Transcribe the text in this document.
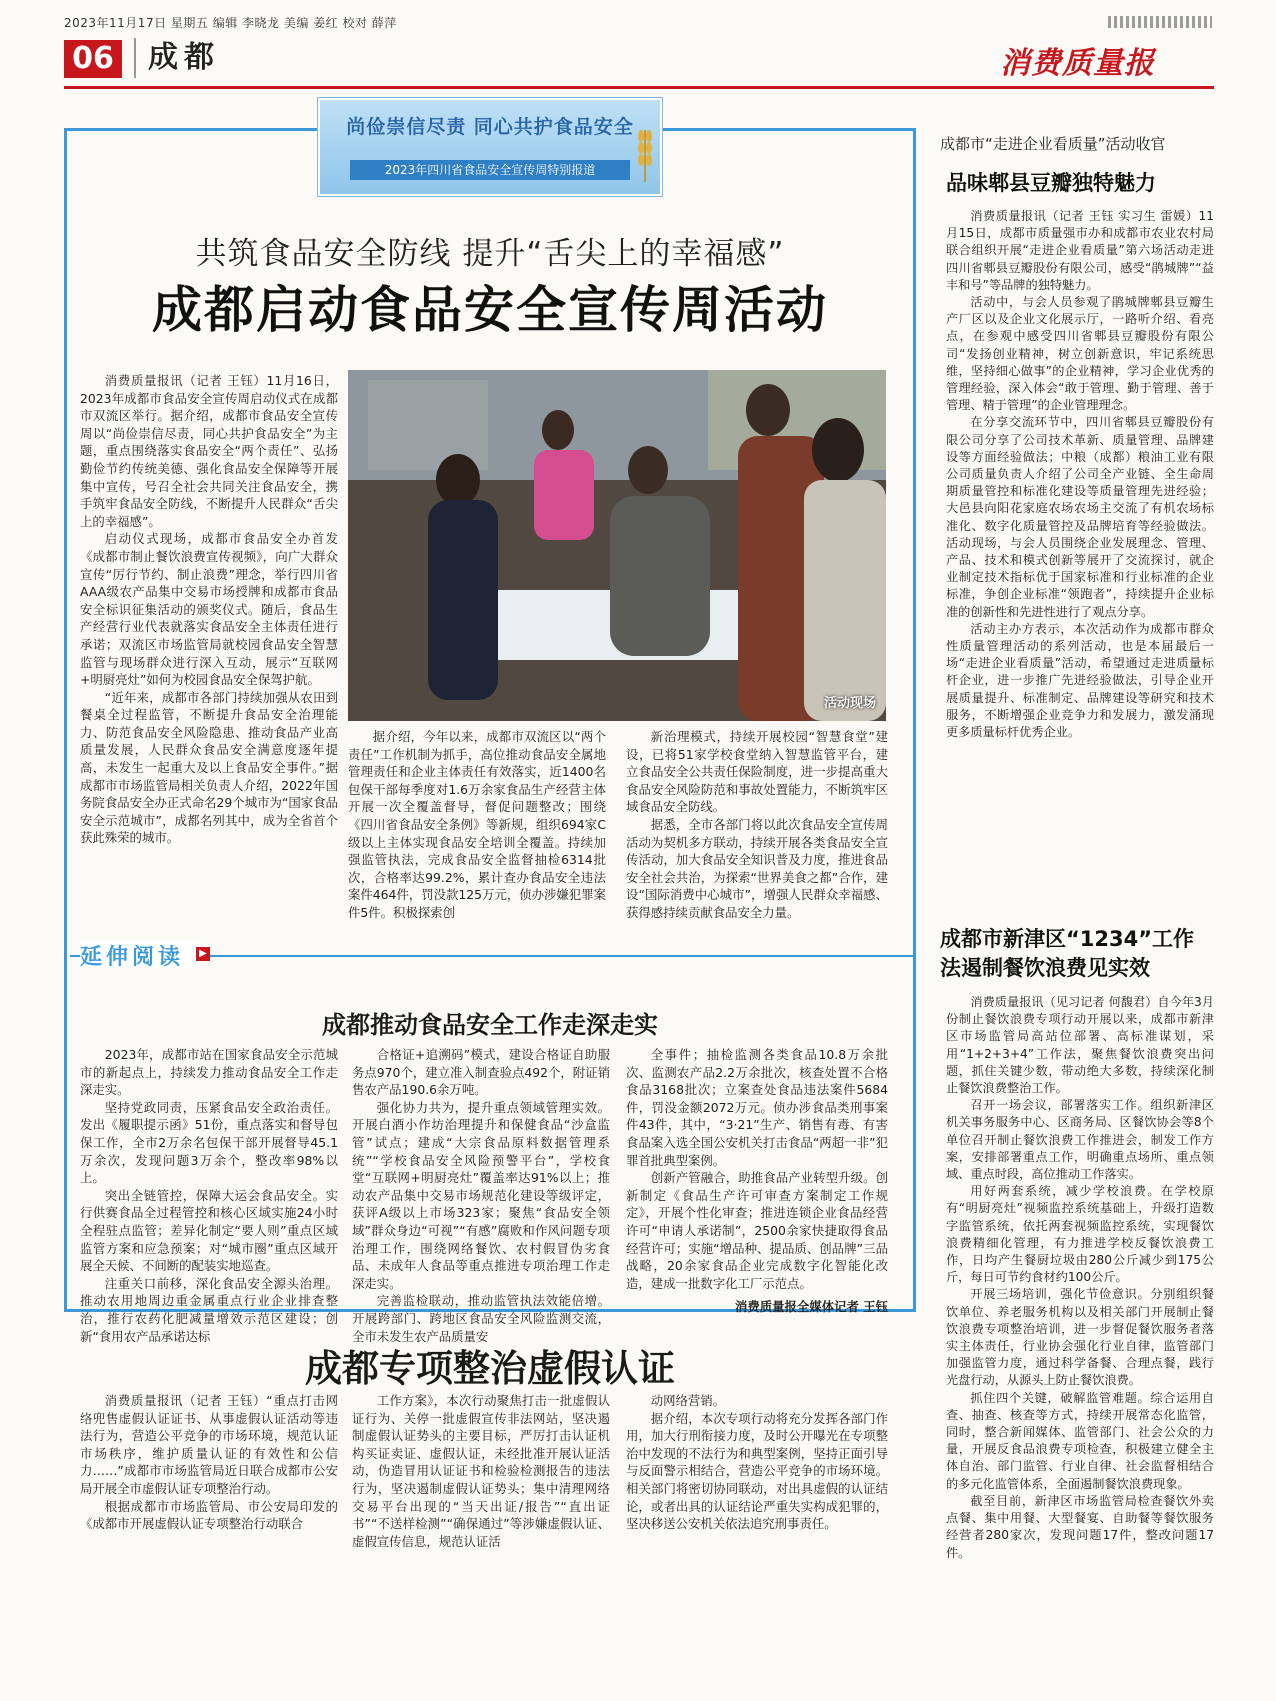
2023年11月17日 星期五 编辑 李晓龙 美编 姜红 校对 薛萍
06	成都	消费质量报
尚俭崇信尽责 同心共护食品安全
2023年四川省食品安全宣传周特别报道
共筑食品安全防线 提升“舌尖上的幸福感”
成都启动食品安全宣传周活动

消费质量报讯（记者 王钰）11月16日，2023年成都市食品安全宣传周启动仪式在成都市双流区举行。据介绍，成都市食品安全宣传周以“尚俭崇信尽责，同心共护食品安全”为主题，重点围绕落实食品安全“两个责任”、弘扬勤俭节约传统美德、强化食品安全保障等开展集中宣传，号召全社会共同关注食品安全，携手筑牢食品安全防线，不断提升人民群众“舌尖上的幸福感”。

启动仪式现场，成都市食品安全办首发《成都市制止餐饮浪费宣传视频》，向广大群众宣传“厉行节约、制止浪费”理念，举行四川省AAA级农产品集中交易市场授牌和成都市食品安全标识征集活动的颁奖仪式。随后，食品生产经营行业代表就落实食品安全主体责任进行承诺；双流区市场监管局就校园食品安全智慧监管与现场群众进行深入互动，展示“互联网+明厨亮灶”如何为校园食品安全保驾护航。

“近年来，成都市各部门持续加强从农田到餐桌全过程监管，不断提升食品安全治理能力、防范食品安全风险隐患、推动食品产业高质量发展，人民群众食品安全满意度逐年提高，未发生一起重大及以上食品安全事件。”据成都市市场监管局相关负责人介绍，2022年国务院食品安全办正式命名29个城市为“国家食品安全示范城市”，成都名列其中，成为全省首个获此殊荣的城市。

活动现场

据介绍，今年以来，成都市双流区以“两个责任”工作机制为抓手，高位推动食品安全属地管理责任和企业主体责任有效落实，近1400名包保干部每季度对1.6万余家食品生产经营主体开展一次全覆盖督导，督促问题整改；围绕《四川省食品安全条例》等新规，组织694家C级以上主体实现食品安全培训全覆盖。持续加强监管执法，完成食品安全监督抽检6314批次，合格率达99.2%，累计查办食品安全违法案件464件，罚没款125万元，侦办涉嫌犯罪案件5件。积极探索创

新治理模式，持续开展校园“智慧食堂”建设，已将51家学校食堂纳入智慧监管平台，建立食品安全公共责任保险制度，进一步提高重大食品安全风险防范和事故处置能力，不断筑牢区域食品安全防线。

据悉，全市各部门将以此次食品安全宣传周活动为契机多方联动，持续开展各类食品安全宣传活动，加大食品安全知识普及力度，推进食品安全社会共治，为探索“世界美食之都”合作，建设“国际消费中心城市”，增强人民群众幸福感、获得感持续贡献食品安全力量。

延伸阅读	▶
成都推动食品安全工作走深走实

2023年，成都市站在国家食品安全示范城市的新起点上，持续发力推动食品安全工作走深走实。

坚持党政同责，压紧食品安全政治责任。发出《履职提示函》51份，重点落实和督导包保工作，全市2万余名包保干部开展督导45.1万余次，发现问题3万余个，整改率98%以上。

突出全链管控，保障大运会食品安全。实行供赛食品全过程管控和核心区域实施24小时全程驻点监管；差异化制定“要人则”重点区域监管方案和应急预案；对“城市圈”重点区域开展全天候、不间断的配装实地巡查。

注重关口前移，深化食品安全源头治理。推动农用地周边重金属重点行业企业排查整治，推行农药化肥减量增效示范区建设；创新“食用农产品承诺达标

合格证+追溯码”模式，建设合格证自助服务点970个，建立准入制查验点492个，附证销售农产品190.6余万吨。

强化协力共为，提升重点领域管理实效。开展白酒小作坊治理提升和保健食品“沙盒监管”试点；建成“大宗食品原料数据管理系统”“学校食品安全风险预警平台”，学校食堂“互联网+明厨亮灶”覆盖率达91%以上；推动农产品集中交易市场规范化建设等级评定，获评A级以上市场323家；聚焦“食品安全领域”群众身边“可视”“有感”腐败和作风问题专项治理工作，围绕网络餐饮、农村假冒伪劣食品、未成年人食品等重点推进专项治理工作走深走实。

完善监检联动，推动监管执法效能倍增。开展跨部门、跨地区食品安全风险监测交流，全市未发生农产品质量安

全事件；抽检监测各类食品10.8万余批次、监测农产品2.2万余批次，核查处置不合格食品3168批次；立案查处食品违法案件5684件，罚没金额2072万元。侦办涉食品类刑事案件43件，其中，“3·21”生产、销售有毒、有害食品案入选全国公安机关打击食品“两超一非”犯罪首批典型案例。

创新产管融合，助推食品产业转型升级。创新制定《食品生产许可审查方案制定工作规定》，开展个性化审查；推进连锁企业食品经营许可“申请人承诺制”，2500余家快捷取得食品经营许可；实施“增品种、提品质、创品牌”三品战略，20余家食品企业完成数字化智能化改造，建成一批数字化工厂示范点。

消费质量报全媒体记者 王钰

成都专项整治虚假认证

消费质量报讯（记者 王钰）“重点打击网络兜售虚假认证证书、从事虚假认证活动等违法行为，营造公平竞争的市场环境，规范认证市场秩序，维护质量认证的有效性和公信力……”成都市市场监管局近日联合成都市公安局开展全市虚假认证专项整治行动。

根据成都市市场监管局、市公安局印发的《成都市开展虚假认证专项整治行动联合

工作方案》，本次行动聚焦打击一批虚假认证行为、关停一批虚假宣传非法网站，坚决遏制虚假认证势头的主要目标，严厉打击认证机构买证卖证、虚假认证，未经批准开展认证活动，伪造冒用认证证书和检验检测报告的违法行为，坚决遏制虚假认证势头；集中清理网络交易平台出现的“当天出证/报告”“直出证书”“不送样检测”“确保通过”等涉嫌虚假认证、虚假宣传信息，规范认证活

动网络营销。

据介绍，本次专项行动将充分发挥各部门作用，加大行刑衔接力度，及时公开曝光在专项整治中发现的不法行为和典型案例，坚持正面引导与反面警示相结合，营造公平竞争的市场环境。相关部门将密切协同联动，对出具虚假的认证结论，或者出具的认证结论严重失实构成犯罪的，坚决移送公安机关依法追究刑事责任。

成都市“走进企业看质量”活动收官
品味郫县豆瓣独特魅力

消费质量报讯（记者 王钰 实习生 雷媛）11月15日，成都市质量强市办和成都市农业农村局联合组织开展“走进企业看质量”第六场活动走进四川省郫县豆瓣股份有限公司，感受“鹃城牌”“益丰和号”等品牌的独特魅力。

活动中，与会人员参观了鹃城牌郫县豆瓣生产厂区以及企业文化展示厅，一路听介绍、看亮点，在参观中感受四川省郫县豆瓣股份有限公司“发扬创业精神，树立创新意识，牢记系统思维，坚持细心做事”的企业精神，学习企业优秀的管理经验，深入体会“敢于管理、勤于管理、善于管理、精于管理”的企业管理理念。

在分享交流环节中，四川省郫县豆瓣股份有限公司分享了公司技术革新、质量管理、品牌建设等方面经验做法；中粮（成都）粮油工业有限公司质量负责人介绍了公司全产业链、全生命周期质量管控和标准化建设等质量管理先进经验；大邑县向阳花家庭农场农场主交流了有机农场标准化、数字化质量管控及品牌培育等经验做法。活动现场，与会人员围绕企业发展理念、管理、产品、技术和模式创新等展开了交流探讨，就企业制定技术指标优于国家标准和行业标准的企业标准，争创企业标准“领跑者”，持续提升企业标准的创新性和先进性进行了观点分享。

活动主办方表示，本次活动作为成都市群众性质量管理活动的系列活动，也是本届最后一场“走进企业看质量”活动，希望通过走进质量标杆企业，进一步推广先进经验做法，引导企业开展质量提升、标准制定、品牌建设等研究和技术服务，不断增强企业竞争力和发展力，激发涌现更多质量标杆优秀企业。

成都市新津区“1234”工作法遏制餐饮浪费见实效

消费质量报讯（见习记者 何馥君）自今年3月份制止餐饮浪费专项行动开展以来，成都市新津区市场监管局高站位部署、高标准谋划，采用“1+2+3+4”工作法，聚焦餐饮浪费突出问题，抓住关键少数，带动绝大多数，持续深化制止餐饮浪费整治工作。

召开一场会议，部署落实工作。组织新津区机关事务服务中心、区商务局、区餐饮协会等8个单位召开制止餐饮浪费工作推进会，制发工作方案，安排部署重点工作，明确重点场所、重点领域、重点时段，高位推动工作落实。

用好两套系统，减少学校浪费。在学校原有“明厨亮灶”视频监控系统基础上，升级打造数字监管系统，依托两套视频监控系统，实现餐饮浪费精细化管理，有力推进学校反餐饮浪费工作，日均产生餐厨垃圾由280公斤减少到175公斤，每日可节约食材约100公斤。

开展三场培训，强化节俭意识。分别组织餐饮单位、养老服务机构以及相关部门开展制止餐饮浪费专项整治培训，进一步督促餐饮服务者落实主体责任，行业协会强化行业自律，监管部门加强监管力度，通过科学备餐、合理点餐，践行光盘行动，从源头上防止餐饮浪费。

抓住四个关键，破解监管难题。综合运用自查、抽查、核查等方式，持续开展常态化监管，同时，整合新闻媒体、监管部门、社会公众的力量，开展反食品浪费专项检查，积极建立健全主体自治、部门监管、行业自律、社会监督相结合的多元化监管体系，全面遏制餐饮浪费现象。

截至目前，新津区市场监管局检查餐饮外卖点餐、集中用餐、大型餐宴、自助餐等餐饮服务经营者280家次，发现问题17件，整改问题17件。
